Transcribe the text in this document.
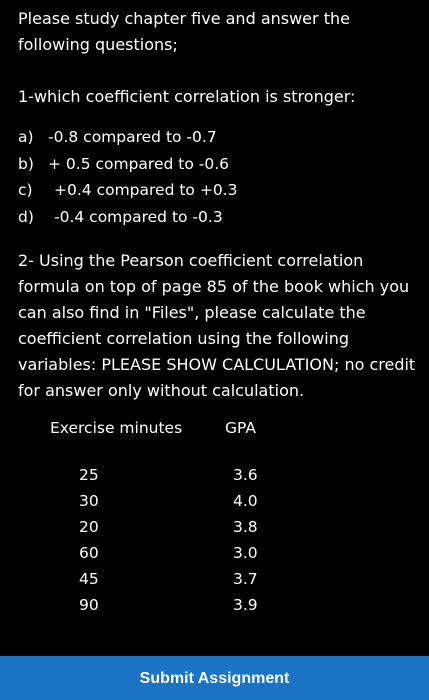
Please study chapter five and answer the following questions;

1-which coefficient correlation is stronger:

a) -0.8 compared to -0.7
b) + 0.5 compared to -0.6
c)	+0.4 compared to +0.3
d)	-0.4 compared to -0.3

2- Using the Pearson coefficient correlation formula on top of page 85 of the book which you can also find in "Files", please calculate the coefficient correlation using the following variables: PLEASE SHOW CALCULATION; no credit for answer only without calculation.

Exercise minutes	GPA
25	3.6
30	4.0
20	3.8
60	3.0
45	3.7
90	3.9
Submit Assignment
